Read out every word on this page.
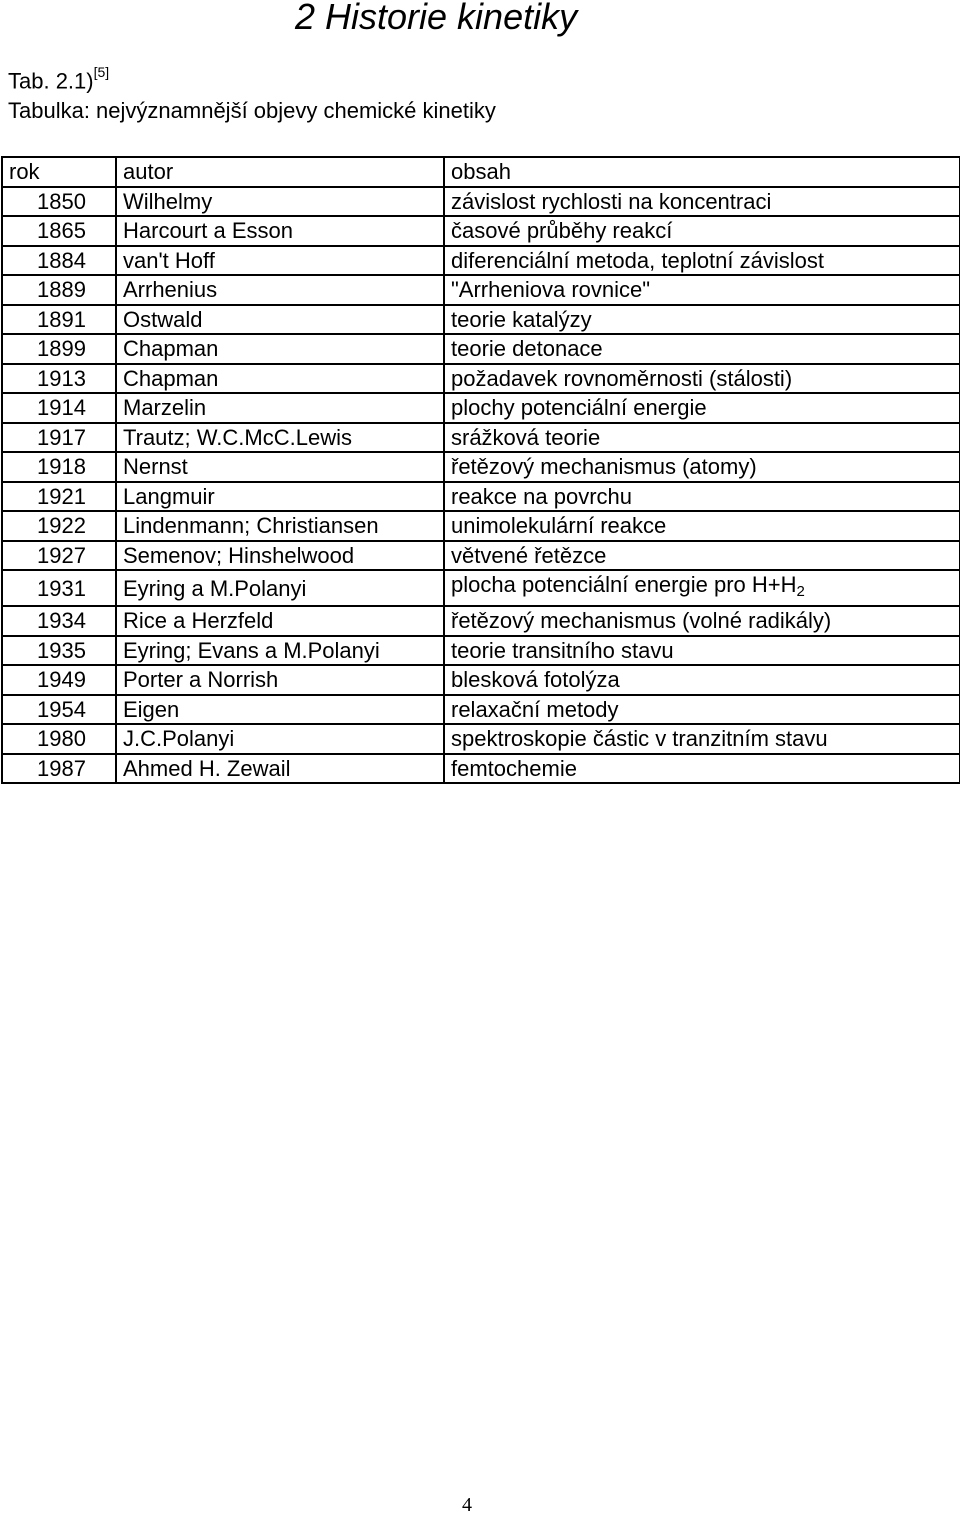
2 Historie kinetiky
Tab. 2.1)[5]
Tabulka: nejvýznamnější objevy chemické kinetiky
rok	autor	obsah
1850	Wilhelmy	závislost rychlosti na koncentraci
1865	Harcourt a Esson	časové průběhy reakcí
1884	van't Hoff	diferenciální metoda, teplotní závislost
1889	Arrhenius	"Arrheniova rovnice"
1891	Ostwald	teorie katalýzy
1899	Chapman	teorie detonace
1913	Chapman	požadavek rovnoměrnosti (stálosti)
1914	Marzelin	plochy potenciální energie
1917	Trautz; W.C.McC.Lewis	srážková teorie
1918	Nernst	řetězový mechanismus (atomy)
1921	Langmuir	reakce na povrchu
1922	Lindenmann; Christiansen	unimolekulární reakce
1927	Semenov; Hinshelwood	větvené řetězce
1931	Eyring a M.Polanyi	plocha potenciální energie pro $H+H_2$
1934	Rice a Herzfeld	řetězový mechanismus (volné radikály)
1935	Eyring; Evans a M.Polanyi	teorie transitního stavu
1949	Porter a Norrish	blesková fotolýza
1954	Eigen	relaxační metody
1980	J.C.Polanyi	spektroskopie částic v tranzitním stavu
1987	Ahmed H. Zewail	femtochemie
4
